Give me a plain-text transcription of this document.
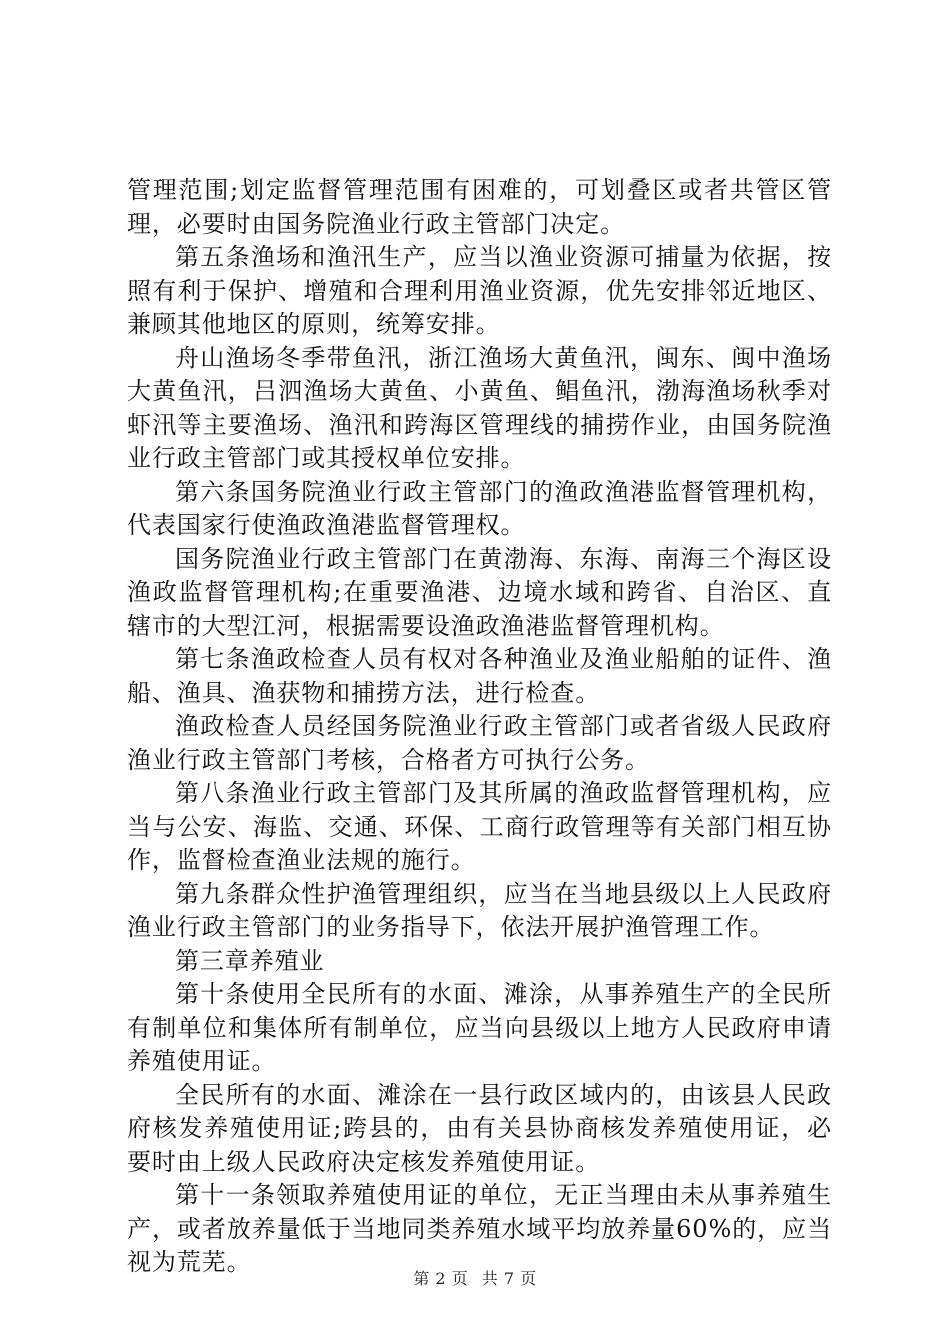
管理范围;划定监督管理范围有困难的，可划叠区或者共管区管理，必要时由国务院渔业行政主管部门决定。

第五条渔场和渔汛生产，应当以渔业资源可捕量为依据，按照有利于保护、增殖和合理利用渔业资源，优先安排邻近地区、兼顾其他地区的原则，统筹安排。

舟山渔场冬季带鱼汛，浙江渔场大黄鱼汛，闽东、闽中渔场大黄鱼汛，吕泗渔场大黄鱼、小黄鱼、鲳鱼汛，渤海渔场秋季对虾汛等主要渔场、渔汛和跨海区管理线的捕捞作业，由国务院渔业行政主管部门或其授权单位安排。

第六条国务院渔业行政主管部门的渔政渔港监督管理机构，代表国家行使渔政渔港监督管理权。

国务院渔业行政主管部门在黄渤海、东海、南海三个海区设渔政监督管理机构;在重要渔港、边境水域和跨省、自治区、直辖市的大型江河，根据需要设渔政渔港监督管理机构。

第七条渔政检查人员有权对各种渔业及渔业船舶的证件、渔船、渔具、渔获物和捕捞方法，进行检查。

渔政检查人员经国务院渔业行政主管部门或者省级人民政府渔业行政主管部门考核，合格者方可执行公务。

第八条渔业行政主管部门及其所属的渔政监督管理机构，应当与公安、海监、交通、环保、工商行政管理等有关部门相互协作，监督检查渔业法规的施行。

第九条群众性护渔管理组织，应当在当地县级以上人民政府渔业行政主管部门的业务指导下，依法开展护渔管理工作。

第三章养殖业

第十条使用全民所有的水面、滩涂，从事养殖生产的全民所有制单位和集体所有制单位，应当向县级以上地方人民政府申请养殖使用证。

全民所有的水面、滩涂在一县行政区域内的，由该县人民政府核发养殖使用证;跨县的，由有关县协商核发养殖使用证，必要时由上级人民政府决定核发养殖使用证。

第十一条领取养殖使用证的单位，无正当理由未从事养殖生产，或者放养量低于当地同类养殖水域平均放养量60%的，应当视为荒芜。

第 2 页 共 7 页
